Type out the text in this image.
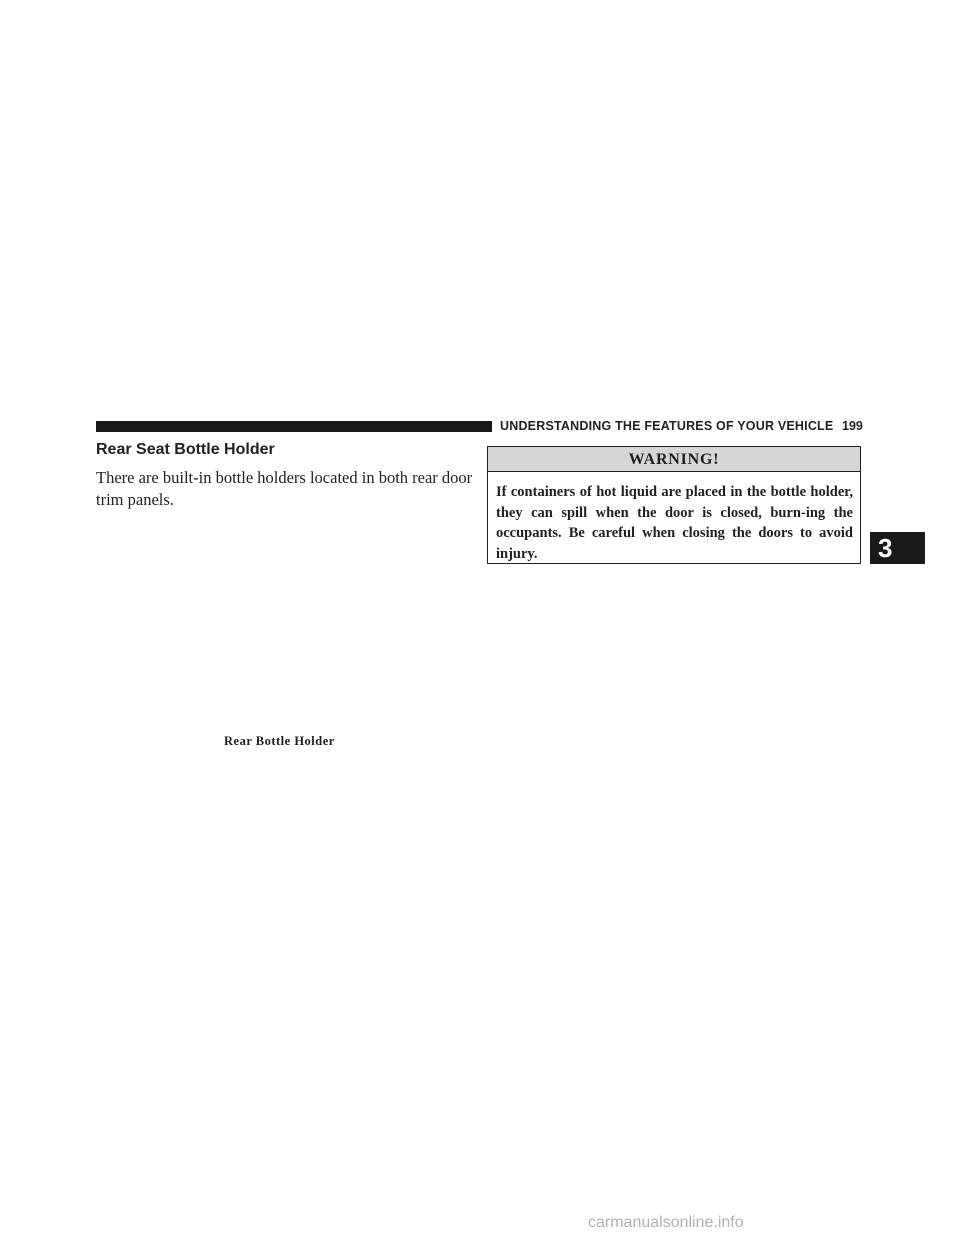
UNDERSTANDING THE FEATURES OF YOUR VEHICLE 199
Rear Seat Bottle Holder
There are built-in bottle holders located in both rear door trim panels.
WARNING!
If containers of hot liquid are placed in the bottle holder, they can spill when the door is closed, burn-ing the occupants. Be careful when closing the doors to avoid injury.	3
Rear Bottle Holder
carmanualsonline.info
